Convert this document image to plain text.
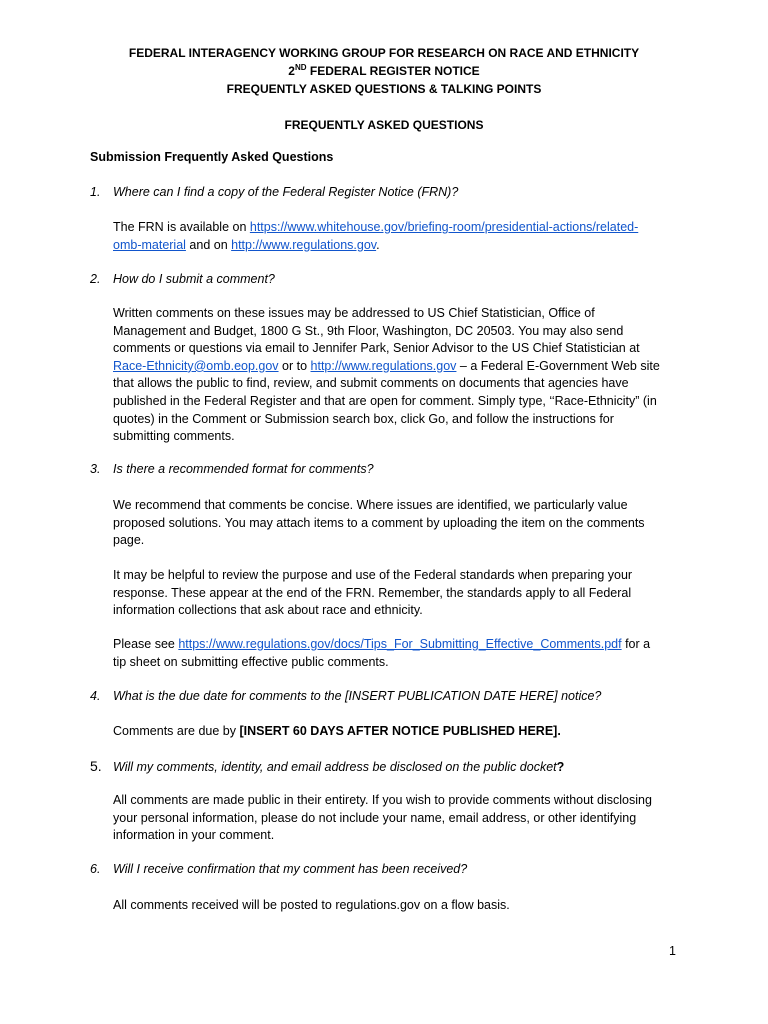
FEDERAL INTERAGENCY WORKING GROUP FOR RESEARCH ON RACE AND ETHNICITY
2ND FEDERAL REGISTER NOTICE
FREQUENTLY ASKED QUESTIONS & TALKING POINTS
FREQUENTLY ASKED QUESTIONS
Submission Frequently Asked Questions
1. Where can I find a copy of the Federal Register Notice (FRN)?
The FRN is available on https://www.whitehouse.gov/briefing-room/presidential-actions/related-
omb-material and on http://www.regulations.gov.
2. How do I submit a comment?
Written comments on these issues may be addressed to US Chief Statistician, Office of
Management and Budget, 1800 G St., 9th Floor, Washington, DC 20503. You may also send
comments or questions via email to Jennifer Park, Senior Advisor to the US Chief Statistician at
Race-Ethnicity@omb.eop.gov or to http://www.regulations.gov – a Federal E-Government Web site
that allows the public to find, review, and submit comments on documents that agencies have
published in the Federal Register and that are open for comment. Simply type, ‘‘Race-Ethnicity” (in
quotes) in the Comment or Submission search box, click Go, and follow the instructions for
submitting comments.
3. Is there a recommended format for comments?
We recommend that comments be concise. Where issues are identified, we particularly value
proposed solutions. You may attach items to a comment by uploading the item on the comments
page.
It may be helpful to review the purpose and use of the Federal standards when preparing your
response. These appear at the end of the FRN. Remember, the standards apply to all Federal
information collections that ask about race and ethnicity.
Please see https://www.regulations.gov/docs/Tips_For_Submitting_Effective_Comments.pdf for a
tip sheet on submitting effective public comments.
4. What is the due date for comments to the [INSERT PUBLICATION DATE HERE] notice?
Comments are due by [INSERT 60 DAYS AFTER NOTICE PUBLISHED HERE].
5. Will my comments, identity, and email address be disclosed on the public docket?
All comments are made public in their entirety. If you wish to provide comments without disclosing
your personal information, please do not include your name, email address, or other identifying
information in your comment.
6. Will I receive confirmation that my comment has been received?
All comments received will be posted to regulations.gov on a flow basis.
1
